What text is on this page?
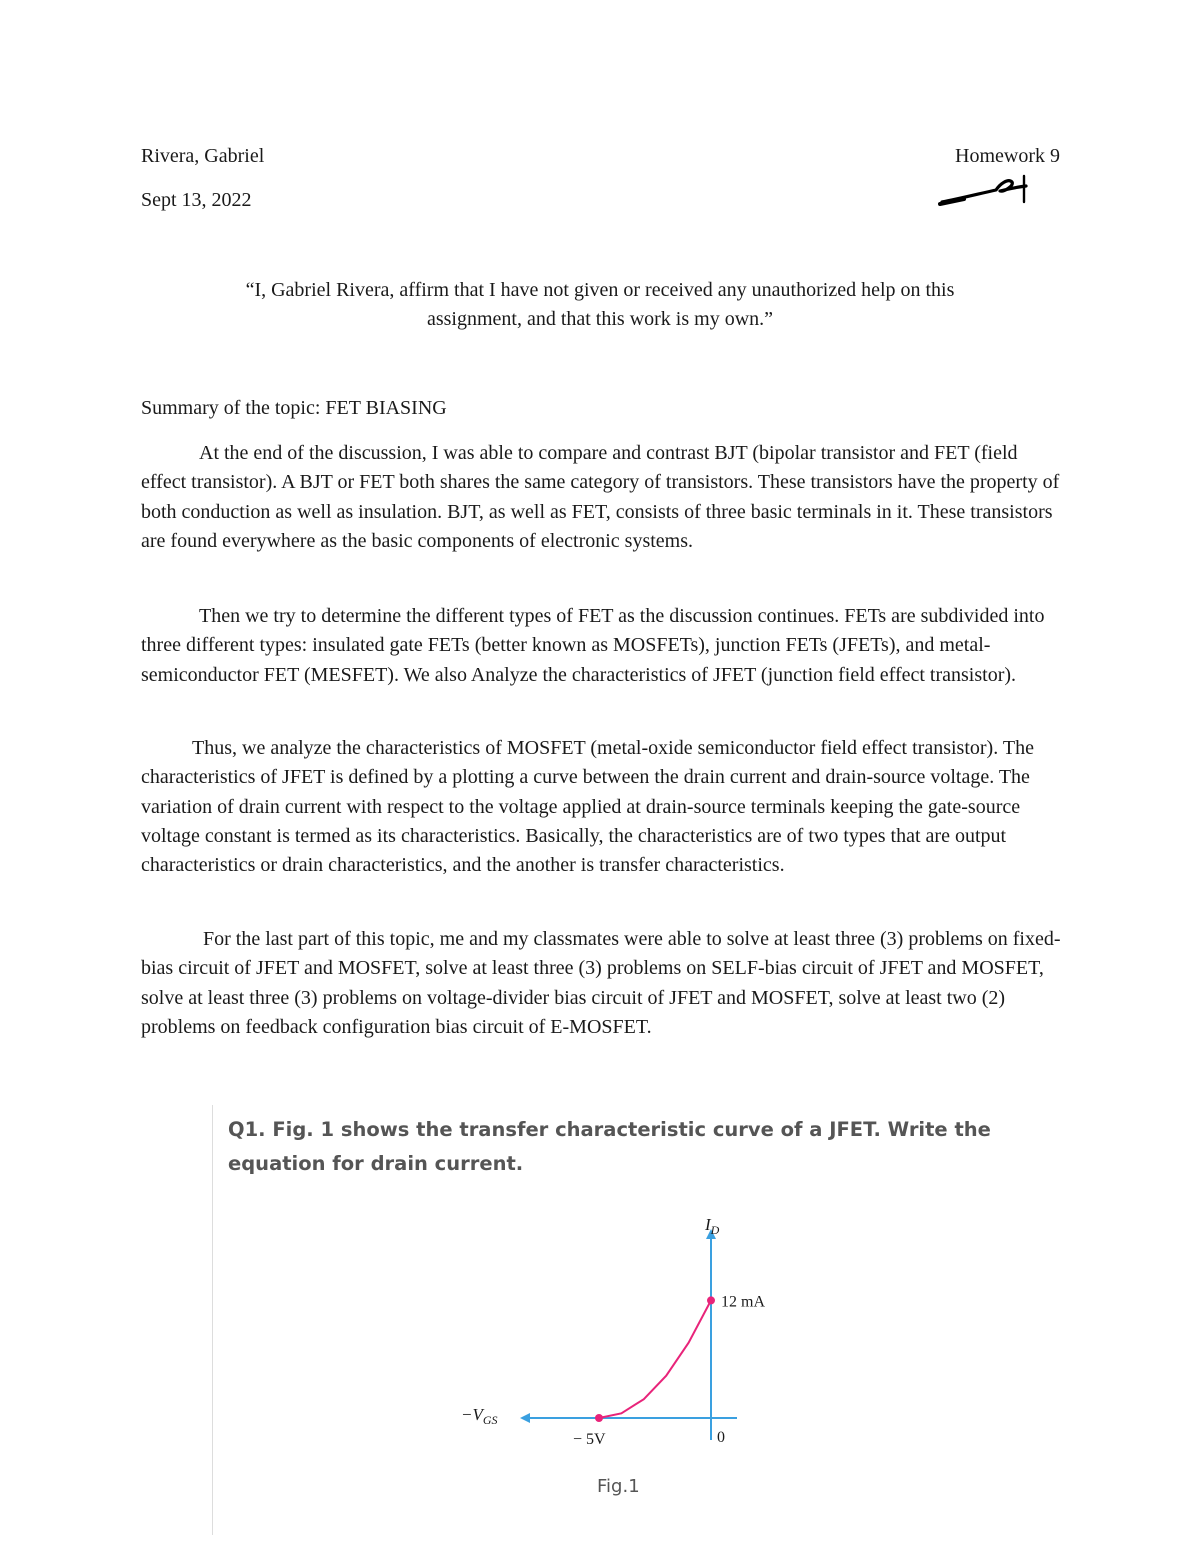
Rivera, Gabriel
Sept 13, 2022
Homework 9
“I, Gabriel Rivera, affirm that I have not given or received any unauthorized help on this
assignment, and that this work is my own.”
Summary of the topic: FET BIASING
At the end of the discussion, I was able to compare and contrast BJT (bipolar transistor and FET (field effect transistor). A BJT or FET both shares the same category of transistors. These transistors have the property of both conduction as well as insulation. BJT, as well as FET, consists of three basic terminals in it. These transistors are found everywhere as the basic components of electronic systems.
Then we try to determine the different types of FET as the discussion continues. FETs are subdivided into three different types: insulated gate FETs (better known as MOSFETs), junction FETs (JFETs), and metal-semiconductor FET (MESFET). We also Analyze the characteristics of JFET (junction field effect transistor).
Thus, we analyze the characteristics of MOSFET (metal-oxide semiconductor field effect transistor). The characteristics of JFET is defined by a plotting a curve between the drain current and drain-source voltage. The variation of drain current with respect to the voltage applied at drain-source terminals keeping the gate-source voltage constant is termed as its characteristics. Basically, the characteristics are of two types that are output characteristics or drain characteristics, and the another is transfer characteristics.
For the last part of this topic, me and my classmates were able to solve at least three (3) problems on fixed-bias circuit of JFET and MOSFET, solve at least three (3) problems on SELF-bias circuit of JFET and MOSFET, solve at least three (3) problems on voltage-divider bias circuit of JFET and MOSFET, solve at least two (2) problems on feedback configuration bias circuit of E-MOSFET.
Q1. Fig. 1 shows the transfer characteristic curve of a JFET. Write the equation for drain current.
$I_D$
$-V_{GS}$
12 mA
− 5V	0
Fig.1
